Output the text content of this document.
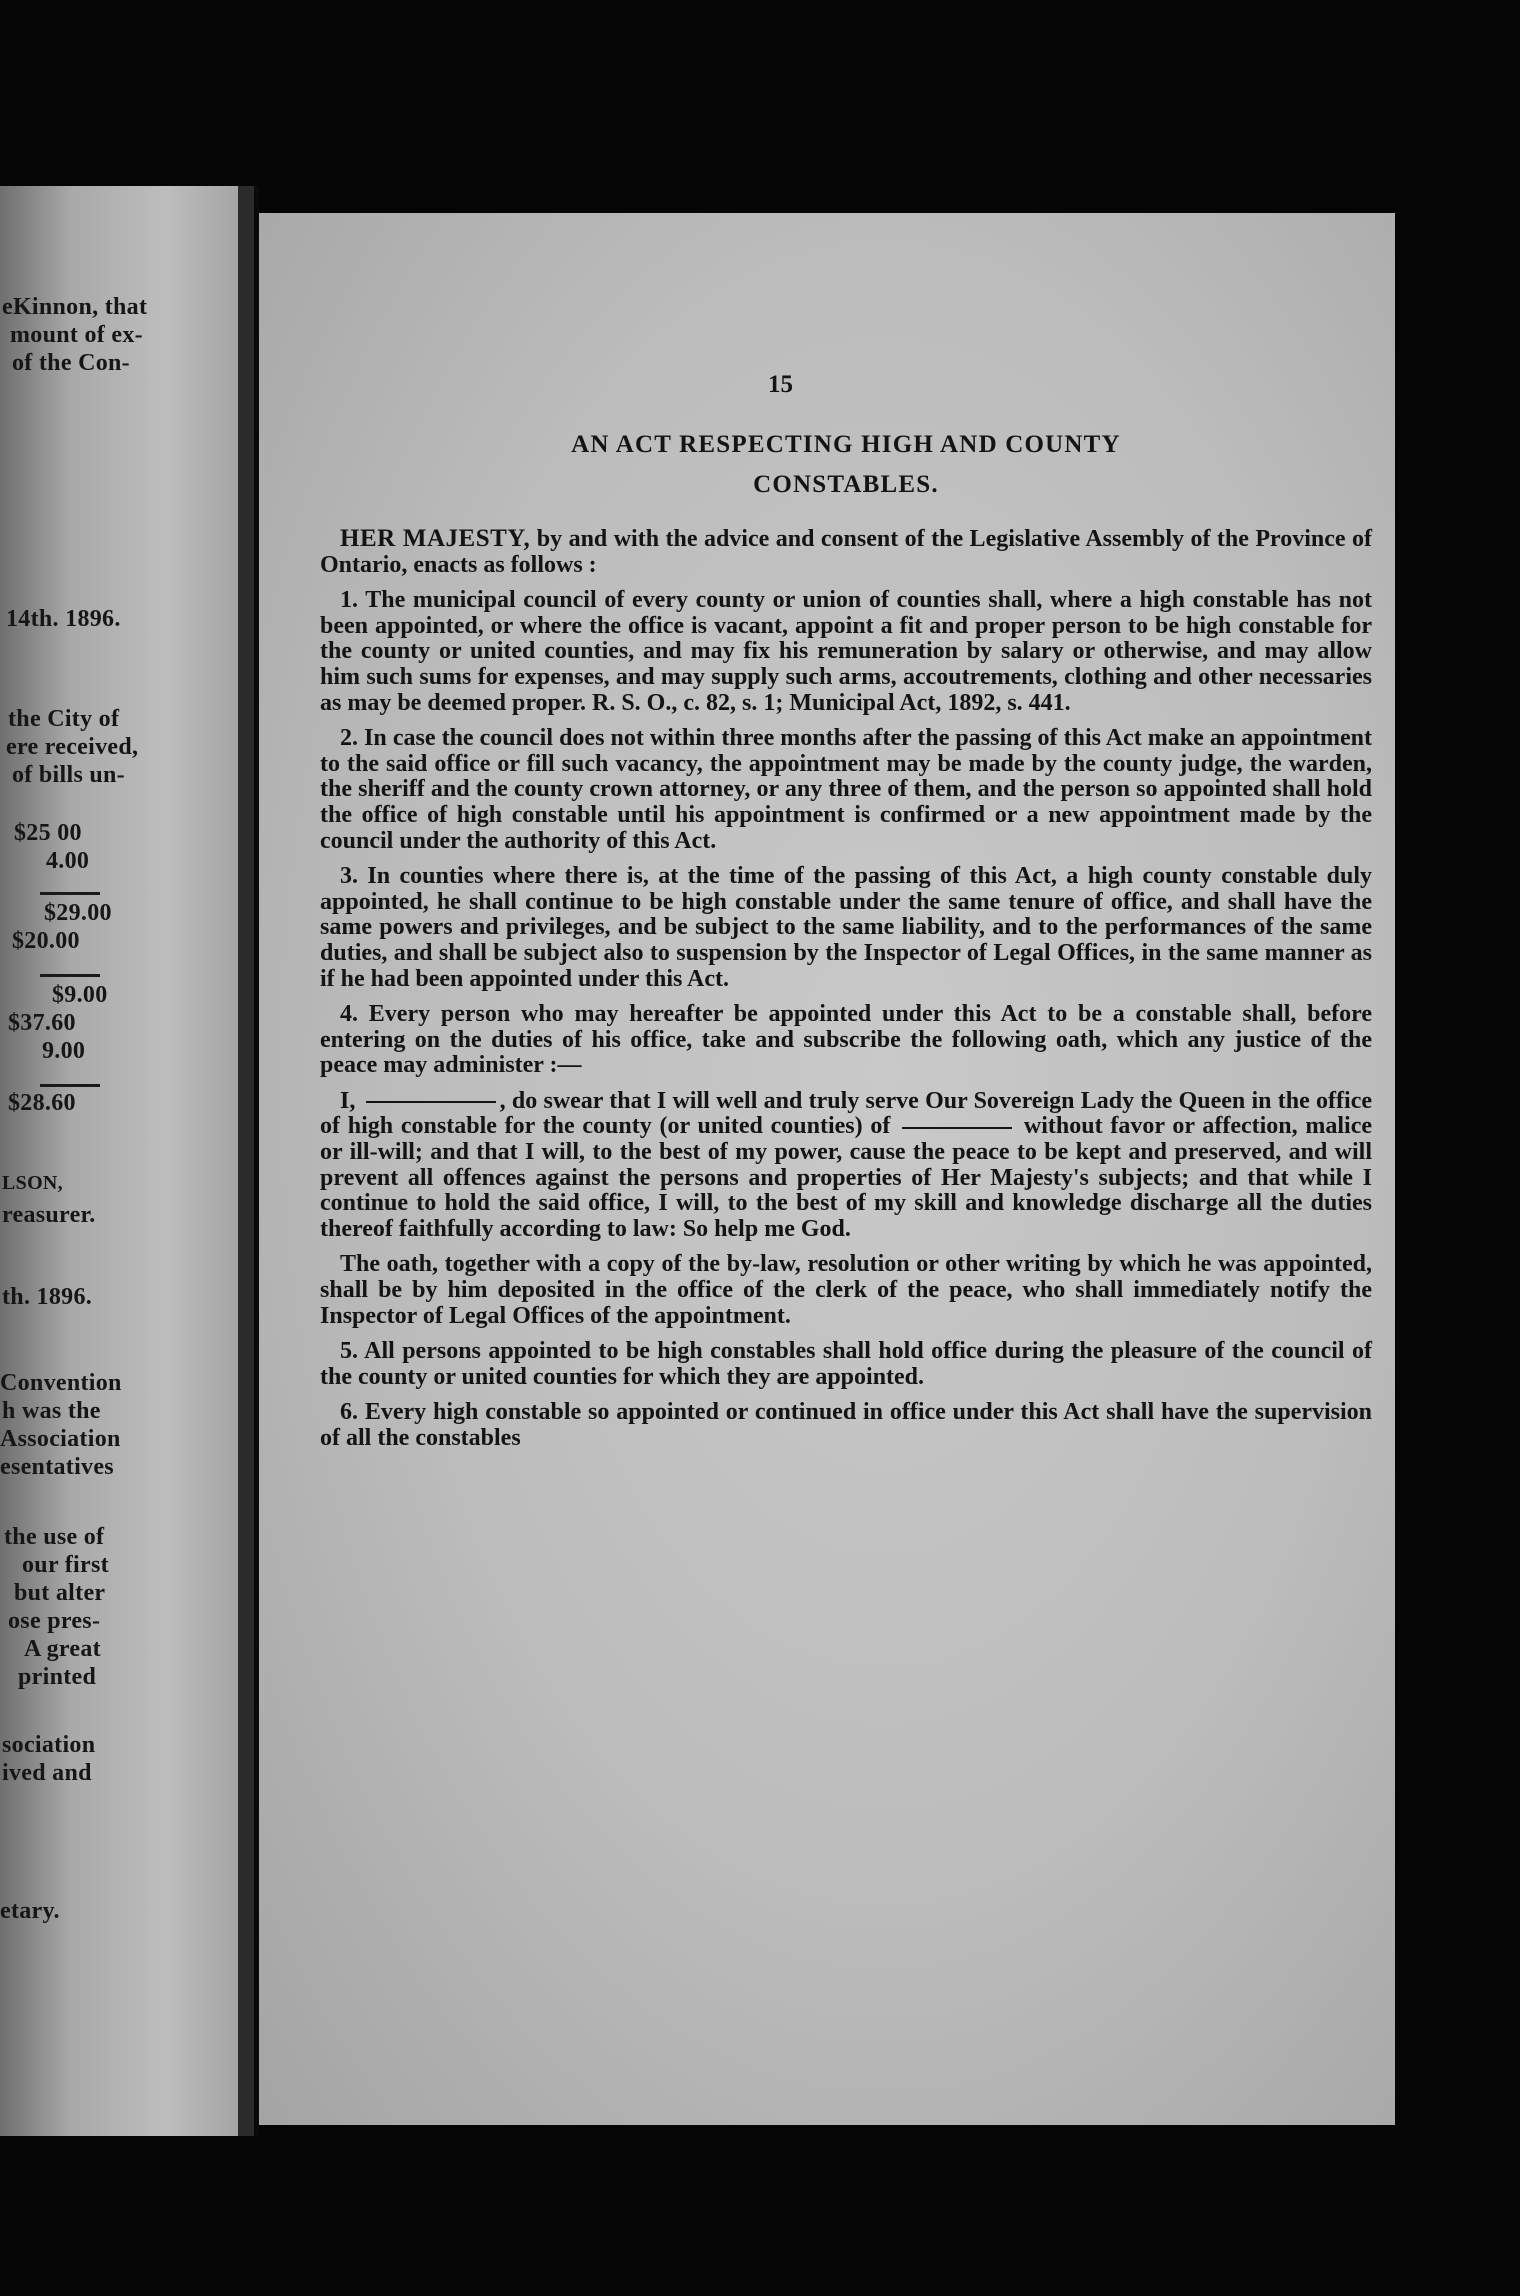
eKinnon, that
mount of ex-
of the Con-
14th. 1896.
the City of
ere received,
of bills un-
$25 00
4.00
$29.00
$20.00
$9.00
$37.60
9.00
$28.60
LSON,
reasurer.
th. 1896.
Convention
h was the
Association
esentatives
the use of
our first
but alter
ose pres-
A great
printed
sociation
ived and
etary.
15
AN ACT RESPECTING HIGH AND COUNTY
CONSTABLES.

HER MAJESTY, by and with the advice and consent of the Legislative Assembly of the Province of Ontario, enacts as follows :

1. The municipal council of every county or union of counties shall, where a high constable has not been appointed, or where the office is vacant, appoint a fit and proper person to be high constable for the county or united counties, and may fix his remuneration by salary or otherwise, and may allow him such sums for expenses, and may supply such arms, accoutrements, clothing and other necessaries as may be deemed proper. R. S. O., c. 82, s. 1; Municipal Act, 1892, s. 441.

2. In case the council does not within three months after the passing of this Act make an appointment to the said office or fill such vacancy, the appointment may be made by the county judge, the warden, the sheriff and the county crown attorney, or any three of them, and the person so appointed shall hold the office of high constable until his appointment is confirmed or a new appointment made by the council under the authority of this Act.

3. In counties where there is, at the time of the passing of this Act, a high county constable duly appointed, he shall continue to be high constable under the same tenure of office, and shall have the same powers and privileges, and be subject to the same liability, and to the performances of the same duties, and shall be subject also to suspension by the Inspector of Legal Offices, in the same manner as if he had been appointed under this Act.

4. Every person who may hereafter be appointed under this Act to be a constable shall, before entering on the duties of his office, take and subscribe the following oath, which any justice of the peace may administer :—

I,	, do swear that I will well and truly serve Our Sovereign Lady the Queen in the office of high constable for the county (or united counties) of	without favor or affection, malice or ill-will; and that I will, to the best of my power, cause the peace to be kept and preserved, and will prevent all offences against the persons and properties of Her Majesty's subjects; and that while I continue to hold the said office, I will, to the best of my skill and knowledge discharge all the duties thereof faithfully according to law: So help me God.

The oath, together with a copy of the by-law, resolution or other writing by which he was appointed, shall be by him deposited in the office of the clerk of the peace, who shall immediately notify the Inspector of Legal Offices of the appointment.

5. All persons appointed to be high constables shall hold office during the pleasure of the council of the county or united counties for which they are appointed.

6. Every high constable so appointed or continued in office under this Act shall have the supervision of all the constables
